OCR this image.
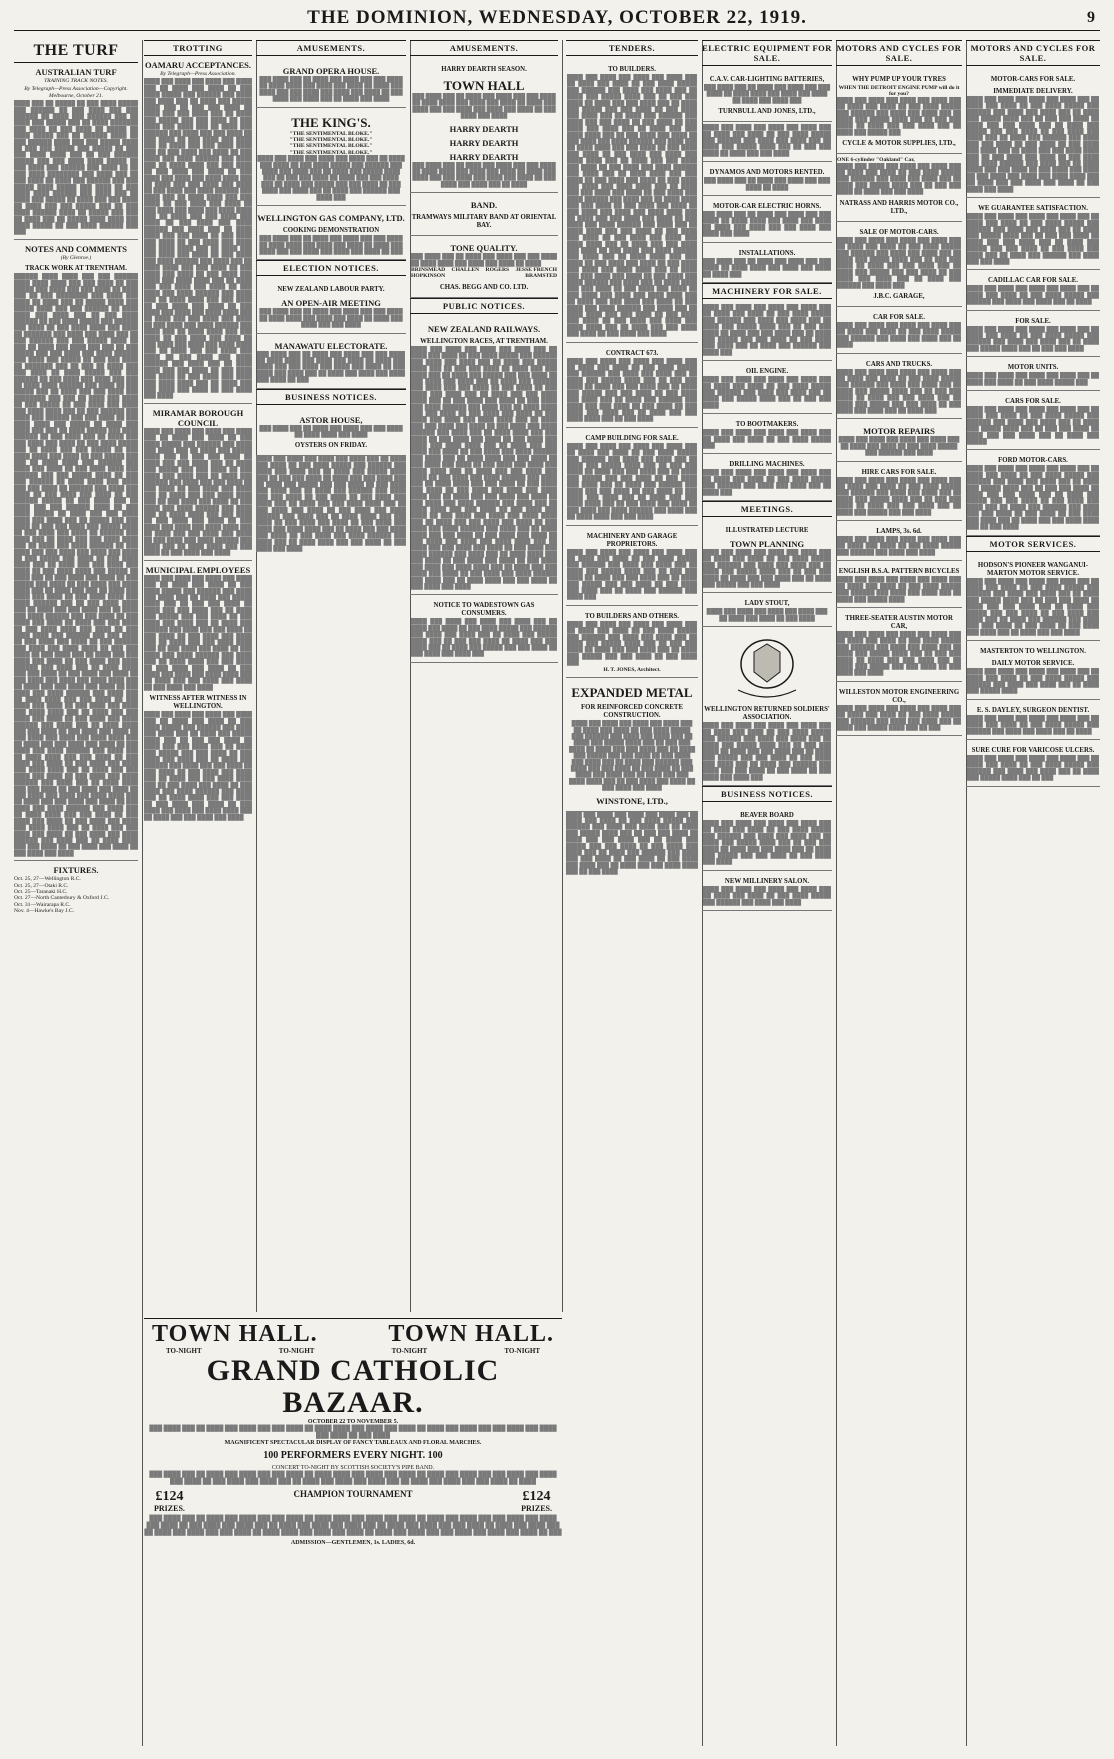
THE DOMINION, WEDNESDAY, OCTOBER 22, 1919.	9
THE TURF
AUSTRALIAN TURF
TRAINING TRACK NOTES.
By Telegraph—Press Association—Copyright. Melbourne, October 21.
████ ███ ██ █████ ██ ███ ████ █████ ███ ██████ ██ ███ ████ ███ ███ ██████ ██ ████ ███ ██████ ███ ██ ████ ███ █████ ███ ██ ████ ███████ ███ ████ ██ ███ ████ ██ █████ ██ ████ █████ ███ ██ ██████ ████ ██ ███ ██████ ████ ███ ███ █████ ████ ██ ███ ███ █████ ███ █████ ██ ███ ███ ████ ████ ███ ██ ███ ██████ █████ ███ ███ ████ ████ █████ ██ ███ ████ ███ ██████ ███ ████ ██ ██ ███ ████ ████████ ███ ████ ███ ██ ███ ████ ██ ████ ███ ██████ ███ ███ █████ ████ █████ ███ ████ ██ ███ ████ ████ ██████ ███ ████ ███ ██ ████ ███ █████ ██ ████ ███ ███ ████ ██ ████ ███ ███ █████ ███ ██ ███ ████ ██████ ████ ██ █████ ███ ███ ██ ████ ███ ██ █████ ████ ████ ███ ████ █████ ██ ███ ████ ██████ ███ ███
NOTES AND COMMENTS
(By Glenroe.)
TRACK WORK AT TRENTHAM.
██████ ████ ████ ███ ███ ██████ ████ ████ ████ ███ ███ ████ ██ ███ █████ ███ ████ ███ ███ ████ ██ ████ ███ ██ ███ ████████ ███ ████ ███ ████ ██ ████ ███ ██ █████ ████ ███ █████ ████ ███ ███ ██████ ██ ████ ████ ███ ████ ███ ██ ███ ████ ██████ ██ ███ ████ █████ ███ ██████ ███ ████ ██ ███ ████ ████ ███ ████ ██ ███████ ███ ████ ███ ████ ███ ██ ███ ██████ ███ ███ █████ ████ ██ ███ ██ ████ ███ ████ ███ ███ ██ ███ █████ ███ ███ ████ ███ ████ ██████ ███ ████ ███ █████ ██ ███ ███ ████ ██ ███████ ███ ██ ███ ██ ████ ███ ███ ████ ██ ████ █████ ███ ███ ██████ ██ ███ ████ ███ ████ ███ ███ ██ ████ ████ ██████ ███ ████ ██ ███ █████ ███ ██ ████ ███ ███ ████ ███ ████████ ███ ███ ██ ████ ███ ████ ██ ███ █████ ██ ███ ████ ███ ████ ███ ████ ████ ███ ██ ███ ██████ ███ ████ ███ ██████ ███ ███ ████ ██ ███ ████ ████ ███ █████ ██ ████ ███ ████ ███ ███ ██ ████ █████ ███ ████ ██████ ██ ███ ████ ███ ██ ████ ███ ███ ████ ███ ████ ██ ███ ████ █████ ███ ██ ████ ███ ███ █████ ██ ███ ████ ████ ███ ████ ██ ███ █████ ███ ███ ██ ████ ████ ███ ██████ ███ ████ ███ ████ ██ ███ ████ ████ ███ ██████ ███ ███ █████ ████ ██ ███ ███ ██████ ██ ████ ████ ███ ████ ███ ███ ████ ██ ██████ ███ ████ ███ ████ ██ ███ ████ ███ ████ ██ ███ ██████ █████ ██ ███ ████ ███ ██ ████ ███ ███ ██████ ████ ██ ███ ████ █████ ██ ████ ███ ███ ████ ████ ███ ████ ███ ██ █████ ███ ███ ████ ██ ███ ███ ████ ███ █████ ████ ██ ███ ████ ███ ████ ██ ██████ ███ ████ ███ ██ ████ ███ ███ ████ ████ ███ ██ ████ ███ ████ ██████ ██ ███ ████ ███ ███ ████ ███ ████ ███ ████ ██ ███ █████ ███ ████ ██ ███ ████ ████ ███ ██ ████ ███ ███ ████ ███ ████ ██ ███ ████ ████ ███ █████ ██ ████ ███ ██ ███ ████ ███ ████ ██ ███ █████ ███ ████ ██ ███ ████ ███ ████ ████ ███ ██ ████ ███ ███ ██ ████ ███ ████ ███ ████ ██ ███ ████ ████ ███ ████ ██████ ███ ██ ███ ████ ████ ███ ██ ████ ███ ███ ████ ███ ██ ████ ███ ████ ██████ ███ ███ ████ ██ ███ ████ ███ ████ ██ ████ ███ ███ ████ ██ ███ ████ ████ ███ ████ ██ ███ ████ ████ ███ ██████ ███ ███ ████ ██ ███ ████ ███ ████ ██ ███ ██████ ███ ████ ███ ████ ████ ██ ███ ███ ████ ██ ███ ████ ███ ██ ████ ███ ███ ████ ███ ████ ██ ███ ████ ███ ████ ██████ ███ ████ ███ ██ ████ ████ ███ ███ ████ ██ ███ ████ ███ ████ ██ ███ ████ ███ ████ ███ ████ ████ ███ ██ ████ ███ ███ ████ ███ ████ ██ ███ ████ ███ ████ ██████ ███ ████ ███ ██ ████ ████ ███ ███ ████ ██ ███ ████ ███ ████ ██ ███ ████ ███ ████ ███ ████ ████ ███ ██ ████ ███ ███ ████ ███ ████ ██ ███ ████ ███ ████ ██████ ███ ████ ███ ██ ████ ████ ███ ███ ████ ██ ███ ████ ███ ████ ██ ███ ████ ███ ████ ███ ████ ████ ███ ██ ████ ███ ███ ████ ███ ████ ██ ███ ████ ███ ████ ██████ ███ ████ ███ ██ ████ ████ ███ ███ ████ ██ ███ ████ ███ ████ ██ ███ ████ ███ ████ ███ ████ ████ ███ ██ ████ ███ ███ ████ ███ ████ ██ ███ ████ ███ ████ ██████ ███ ████ ███ ██ ████ ████ ███ ███ ████ ██ ███ ████ ███ ████ ██ ███ ████ ███ ████ ███ ████ ████ ███ ██ ████ ███ ███ ████ ███ ████ ██ ███ ████ ███ ████ ██████ ███ ████ ███ ██ ████ ████ ███ ███ ████ ██ ███ ████ ███ ████ ██ ███ ████ ███ ████ ███ ████ ████ ███ ██ ████ ███ ███ ████ ███ ████ ██ ███ ████ ███ ████ ██████ ███ ████ ███ ██ ████ ████ ███ ███ ████ ██ ███ ████ ███ ████ ██ ███ ████ ███ ████
FIXTURES.
Oct. 25, 27—Wellington R.C.
Oct. 25, 27—Otaki R.C.
Oct. 25—Taranaki H.C.
Oct. 27—North Canterbury & Oxford J.C.
Oct. 31—Wairarapa R.C.
Nov. 4—Hawke's Bay J.C.
TROTTING
OAMARU ACCEPTANCES.
By Telegraph—Press Association.
████ ███ ████ ███ ████ ███ ████ ███ ██ ████ ███ ████ ██ ███ ████ █████ ███ ██████ ███ ████ ███ ████ ███ ██ ████ ███ █████ ████ ███ ██ ███ ███ ████ ██ ████ ███ ███ ████ ███ ██ ████ ███ █████ ███ ███ ████ ██ ███ ████ ███ ████ ███ ██ ████ ███ ██████ ███ ████ ███ ███ ████ ██ ███ ████ ██ ███ ████ ███ ████ ███ ██ ████ ███ ███ ████ ████ ███ ██ ███ ████ ███ ████ ██ ███ ████ ███ ████ ██████ ███ ████ ███ ██ ████ ████ ███ ███ ████ ██ ███ ████ ███ ████ ██ ███ ████ ███ ████ ███ ████ ████ ███ ██ ████ ███ ███ ████ ███ ████ ██ ███ ████ ███ ████ ██████ ███ ████ ███ ██ ████ ████ ███ ███ ████ ██ ███ ████ ███ ████ ██ ███ ████ ███ ████ ███ ████ ████ ███ ██ ████ ███ ███ ████ ███ ████ ██ ███ ████ ███ ████ ██████ ███ ████ ███ ██ ████ ████ ███ ███ ████ ██ ███ ████ ███ ████ ██ ███ ████ ███ ████ ███ ████ ████ ███ ██ ████ ███ ███ ████ ███ ████ ██ ███ ████ ███ ████ ██████ ███ ████ ███ ██ ████ ████ ███ ███ ████ ██ ███ ████ ███ ████ ██ ███ ████ ███ ████ ███ ████ ████ ███ ██ ████ ███ ███ ████ ███ ████ ██ ███ ████ ███ ████ ██████ ███ ████ ███ ██ ████ ████ ███ ███ ████ ██ ███ ████ ███ ████ ██ ███ ████ ███ ████ ███ ████ ████ ███ ██ ████ ███ ███ ████ ███ ████ ██ ███ ████ ███ ████ ██████ ███ ████ ███ ██ ████ ████ ███ ███ ████ ██ ███ ████ ███ ████ ██ ███ ████ ███ ████ ███ ████ ████ ███ ██ ████ ███ ███ ████ ███ ████ ██ ███ ████ ███ ████ ██████ ███ ████ ███ ██ ████ ████ ███ ███ ████ ██ ███ ████ ███ ████ ██ ███ ████ ███ ████ ███ ████ ████ ███ ██ ████ ███ ███ ████ ███ ████ ██ ███ ████ ███ ████
MIRAMAR BOROUGH COUNCIL
████ ███ ████ ███ ████ ███ ████ ███ ██ ████ ███ ████ ██ ███ ████ █████ ███ ██████ ███ ████ ███ ████ ███ ██ ████ ███ █████ ████ ███ ██ ███ ███ ████ ██ ████ ███ ███ ████ ███ ██ ████ ███ █████ ███ ███ ████ ██ ███ ████ ███ ████ ███ ██ ████ ███ ██████ ███ ████ ███ ███ ████ ██ ███ ████ ██ ███ ████ ███ ████ ███ ██ ████ ███ ███ ████ ████ ███ ██ ███ ████ ███ ████ ██ ███ ████ ███ ████ ██████ ███ ████ ███ ██ ████ ████ ███ ███ ████ ██ ███ ████ ███ ████ ██ ███ ████ ███ ████ ███ ████ ████ ███ ██ ████ ███ ███ ████ ███ ████ ██ ███ ████ ███ ████ ██████ ███ ████ ███ ██ ████ ████ ███ ███ ████ ██ ███ ████ ███ ████
MUNICIPAL EMPLOYEES
████ ███ ████ ███ ████ ███ ████ ███ ██ ████ ███ ████ ██ ███ ████ █████ ███ ██████ ███ ████ ███ ████ ███ ██ ████ ███ █████ ████ ███ ██ ███ ███ ████ ██ ████ ███ ███ ████ ███ ██ ████ ███ █████ ███ ███ ████ ██ ███ ████ ███ ████ ███ ██ ████ ███ ██████ ███ ████ ███ ███ ████ ██ ███ ████ ██ ███ ████ ███ ████ ███ ██ ████ ███ ███ ████ ████ ███ ██ ███ ████ ███ ████ ██ ███ ████ ███ ████ ██████ ███ ████ ███ ██ ████ ████ ███ ███ ████ ██ ███ ████ ███ ████ ██ ███ ████ ███ ████ ███ ████ ████ ███ ██ ████ ███ ███ ████ ███ ████ ██ ███ ████ ███ ████
WITNESS AFTER WITNESS IN WELLINGTON.
████ ███ ████ ███ ████ ███ ████ ███ ██ ████ ███ ████ ██ ███ ████ █████ ███ ██████ ███ ████ ███ ████ ███ ██ ████ ███ █████ ████ ███ ██ ███ ███ ████ ██ ████ ███ ███ ████ ███ ██ ████ ███ █████ ███ ███ ████ ██ ███ ████ ███ ████ ███ ██ ████ ███ ██████ ███ ████ ███ ███ ████ ██ ███ ████ ██ ███ ████ ███ ████ ███ ██ ████ ███ ███ ████ ████ ███ ██ ███ ████ ███ ████ ██ ███ ████ ███ ████ ██████ ███ ████ ███ ██ ████ ████ ███ ███ ████ ██ ███ ████ ███ ████ ██ ███ ████ ███ ████ ███ ████ ████ ███ ██ ████ ███ ███ ████ ███ ████
AMUSEMENTS.
GRAND OPERA HOUSE.
███ ████ ███ ██ ████ ███ ████ ███ ███ ████ ██ ████ ████ ███ ████ ███ ████ ██ ████ ███ ████ ███ ███ ████ ███ ████ ███ ████ ██ ███ ████ ███ ████ ███ ██ ████ ███ ████
THE KING'S.
"THE SENTIMENTAL BLOKE."
"THE SENTIMENTAL BLOKE."
"THE SENTIMENTAL BLOKE."
"THE SENTIMENTAL BLOKE."
████ ███ ████ ███ ████ ███ ████ ███ ██ ████ ███ ████ ██ ███ ████ █████ ███ ██████ ███ ████ ███ ████ ███ ██ ████ ███ █████ ████ ███ ██ ███ ███ ████ ██ ████ ███ ███ ████ ███ ██ ████ ███ █████ ███ ███ ████ ██ ███ ████ ███ ████ ███ ██ ████ ███ ██████ ███ ████ ███
WELLINGTON GAS COMPANY, LTD.
COOKING DEMONSTRATION
███ ████ ███ ██ ████ ███ ████ ███ ███ ████ ██ ████ ████ ███ ████ ███ ████ ██ ████ ███ ████ ███ ███ ████ ███ ████ ███ ████ ██ ███
ELECTION NOTICES.
NEW ZEALAND LABOUR PARTY.
AN OPEN-AIR MEETING
███ ████ ███ ██ ████ ███ ████ ███ ███ ████ ██ ████ ████ ███ ████ ███ ████ ██ ████ ███ ████ ███ ███ ████
MANAWATU ELECTORATE.
███ ████ ███ ██ ████ ███ ████ ███ ███ ████ ██ ████ ████ ███ ████ ███ ████ ██ ████ ███ ████ ███ ███ ████ ███ ████ ███ ████ ██ ███ ████ ███ ████ ███ ██ ████ ███ ████ ███ ████ ███ ████ ██ ███
BUSINESS NOTICES.
ASTOR HOUSE,
███ ████ ███ ██ ████ ███ ████ ███ ███ ████ ██ ████ ████ ███ ████
OYSTERS ON FRIDAY.
████ ███ ████ ███ ████ ███ ████ ███ ██ ████ ███ ████ ██ ███ ████ █████ ███ ██████ ███ ████ ███ ████ ███ ██ ████ ███ █████ ████ ███ ██ ███ ███ ████ ██ ████ ███ ███ ████ ███ ██ ████ ███ █████ ███ ███ ████ ██ ███ ████ ███ ████ ███ ██ ████ ███ ██████ ███ ████ ███ ███ ████ ██ ███ ████ ██ ███ ████ ███ ████ ███ ██ ████ ███ ███ ████ ████ ███ ██ ███ ████ ███ ████ ██ ███ ████ ███ ████ ██████ ███ ████ ███ ██ ████ ████ ███ ███ ████ ██ ███ ████ ███ ████ ██ ███ ████ ███ ████ ███ ████ ████ ███ ██ ████ ███ ███ ████ ███ ████ ██ ███ ████ ███ ████ ██████ ███ ████ ███ ██ ████ ████ ███ ███ ████ ██ ███ ████ ███ ████
AMUSEMENTS.
HARRY DEARTH SEASON.
TOWN HALL
███ ████ ███ ██ ████ ███ ████ ███ ███ ████ ██ ████ ████ ███ ████ ███ ████ ██ ████ ███ ████ ███ ███ ████ ███ ████ ███ ████ ██ ███ ████ ███ ████
HARRY DEARTH
HARRY DEARTH
HARRY DEARTH
███ ████ ███ ██ ████ ███ ████ ███ ███ ████ ██ ████ ████ ███ ████ ███ ████ ██ ████ ███ ████ ███ ███ ████ ███ ████ ███ ████ ██ ███ ████ ███ ████ ███ ██ ████
BAND.
TRAMWAYS MILITARY BAND AT ORIENTAL BAY.
TONE QUALITY.
███ ████ ███ ██ ████ ███ ████ ███ ███ ████ ██ ████ ████ ███ ████ ███ ████ ██ ████
BRINSMEAD CHALLEN ROGERS JESSE FRENCH
HOPKINSON	BRAMSTED
CHAS. BEGG AND CO. LTD.
PUBLIC NOTICES.
NEW ZEALAND RAILWAYS.
WELLINGTON RACES, AT TRENTHAM.
████ ███ ████ ███ ████ ███ ████ ███ ██ ████ ███ ████ ██ ███ ████ █████ ███ ██████ ███ ████ ███ ████ ███ ██ ████ ███ █████ ████ ███ ██ ███ ███ ████ ██ ████ ███ ███ ████ ███ ██ ████ ███ █████ ███ ███ ████ ██ ███ ████ ███ ████ ███ ██ ████ ███ ██████ ███ ████ ███ ███ ████ ██ ███ ████ ██ ███ ████ ███ ████ ███ ██ ████ ███ ███ ████ ████ ███ ██ ███ ████ ███ ████ ██ ███ ████ ███ ████ ██████ ███ ████ ███ ██ ████ ████ ███ ███ ████ ██ ███ ████ ███ ████ ██ ███ ████ ███ ████ ███ ████ ████ ███ ██ ████ ███ ███ ████ ███ ████ ██ ███ ████ ███ ████ ██████ ███ ████ ███ ██ ████ ████ ███ ███ ████ ██ ███ ████ ███ ████ ██ ███ ████ ███ ████ ███ ████ ████ ███ ██ ████ ███ ███ ████ ███ ████ ██ ███ ████ ███ ████ ██████ ███ ████ ███ ██ ████ ████ ███ ███ ████ ██ ███ ████ ███ ████ ██ ███ ████ ███ ████ ███ ████ ████ ███ ██ ████ ███ ███ ████ ███ ████ ██ ███ ████ ███ ████ ██████ ███ ████ ███ ██ ████ ████ ███ ███ ████ ██ ███ ████ ███ ████ ██ ███ ████ ███ ████ ███ ████ ████ ███ ██ ████ ███ ███ ████ ███ ████ ██ ███ ████ ███ ████ ██████ ███ ████ ███ ██ ████ ████ ███ ███ ████ ██ ███ ████ ███ ████ ██ ███ ████ ███ ████ ███ ████ ████ ███ ██ ████ ███ ███ ████ ███ ████ ██ ███ ████ ███ ████ ██████ ███ ████ ███ ██ ████ ████ ███ ███ ████ ██ ███ ████ ███ ████ ██ ███ ████ ███ ████ ███ ████ ████ ███ ██ ████ ███ ███ ████ ███ ████ ██ ███ ████ ███ ████ ██████ ███ ████ ███ ██ ████ ████ ███ ███ ████ ██ ███ ████ ███ ████ ██ ███ ████ ███ ████ ███ ████ ████ ███ ██ ████ ███ ███ ████ ███ ████ ██ ███ ████ ███ ████ ██████ ███ ████ ███ ██ ████ ████ ███ ███ ████ ██ ███ ████ ███ ████
NOTICE TO WADESTOWN GAS CONSUMERS.
████ ███ ████ ███ ████ ███ ████ ███ ██ ████ ███ ████ ██ ███ ████ █████ ███ ██████ ███ ████ ███ ████ ███ ██ ████ ███ █████ ████ ███ ██ ███ ███ ████ ██ ████ ███ ███ ████ ███ ██ ████ ███ █████ ███ ███ ████ ██ ███ ████ ███ ████ ███
TOWN HALL.	TOWN HALL.
TO-NIGHT	TO-NIGHT	TO-NIGHT	TO-NIGHT
GRAND CATHOLIC BAZAAR.
OCTOBER 22 TO NOVEMBER 5.
███ ████ ███ ██ ████ ███ ████ ███ ███ ████ ██ ████ ████ ███ ████ ███ ████ ██ ████ ███ ████ ███ ███ ████ ███ ████ ███ ████ ██ ███ ████
MAGNIFICENT SPECTACULAR DISPLAY OF FANCY TABLEAUX AND FLORAL MARCHES.
100 PERFORMERS EVERY NIGHT. 100
CONCERT TO-NIGHT BY SCOTTISH SOCIETY'S PIPE BAND.
███ ████ ███ ██ ████ ███ ████ ███ ███ ████ ██ ████ ████ ███ ████ ███ ████ ██ ████ ███ ████ ███ ███ ████ ███ ████ ███ ████ ██ ███ ████ ███ ████ ███ ██ ████ ███ ████ ███ ████ ███ ██ ████ ███ ████ ███ ███ ████ ██ ████
£124
PRIZES.
CHAMPION TOURNAMENT	£124
PRIZES.
███ ████ ███ ██ ████ ███ ████ ███ ███ ████ ██ ████ ████ ███ ████ ███ ████ ██ ████ ███ ████ ███ ███ ████ ███ ████ ███ ████ ██ ███ ████ ███ ████ ███ ██ ████ ███ ████ ███ ████ ███ ██ ████ ███ ████ ███ ███ ████ ██ ████ ███ ████ ███ ██ ████ ███ ████ ███ ███ ████ ██ ████ ████ ███ ████ ███ ████ ██ ████ ███ ████ ███ ███ ████ ███ ████ ███ ████ ██ ███
ADMISSION—GENTLEMEN, 1s. LADIES, 6d.
TENDERS.
TO BUILDERS.
████ ███ ████ ███ ████ ███ ████ ███ ██ ████ ███ ████ ██ ███ ████ █████ ███ ██████ ███ ████ ███ ████ ███ ██ ████ ███ █████ ████ ███ ██ ███ ███ ████ ██ ████ ███ ███ ████ ███ ██ ████ ███ █████ ███ ███ ████ ██ ███ ████ ███ ████ ███ ██ ████ ███ ██████ ███ ████ ███ ███ ████ ██ ███ ████ ██ ███ ████ ███ ████ ███ ██ ████ ███ ███ ████ ████ ███ ██ ███ ████ ███ ████ ██ ███ ████ ███ ████ ██████ ███ ████ ███ ██ ████ ████ ███ ███ ████ ██ ███ ████ ███ ████ ██ ███ ████ ███ ████ ███ ████ ████ ███ ██ ████ ███ ███ ████ ███ ████ ██ ███ ████ ███ ████ ██████ ███ ████ ███ ██ ████ ████ ███ ███ ████ ██ ███ ████ ███ ████ ██ ███ ████ ███ ████ ███ ████ ████ ███ ██ ████ ███ ███ ████ ███ ████ ██ ███ ████ ███ ████ ██████ ███ ████ ███ ██ ████ ████ ███ ███ ████ ██ ███ ████ ███ ████ ██ ███ ████ ███ ████ ███ ████ ████ ███ ██ ████ ███ ███ ████ ███ ████ ██ ███ ████ ███ ████ ██████ ███ ████ ███ ██ ████ ████ ███ ███ ████ ██ ███ ████ ███ ████ ██ ███ ████ ███ ████ ███ ████ ████ ███ ██ ████ ███ ███ ████ ███ ████ ██ ███ ████ ███ ████ ██████ ███ ████ ███ ██ ████ ████ ███ ███ ████ ██ ███ ████ ███ ████ ██ ███ ████ ███ ████ ███ ████ ████ ███ ██ ████ ███ ███ ████ ███ ████ ██ ███ ████ ███ ████ ██████ ███ ████ ███ ██ ████ ████ ███ ███ ████ ██ ███ ████ ███ ████ ██ ███ ████ ███ ████ ███ ████ ████ ███ ██ ████ ███ ███ ████ ███ ████ ██ ███ ████ ███ ████ ██████ ███ ████ ███ ██ ████ ████ ███ ███ ████ ██ ███ ████ ███ ████ ██ ███ ████ ███ ████ ███ ████ ████ ███ ██ ████ ███ ███ ████ ███ ████ ██ ███ ████ ███ ████
CONTRACT 673.
████ ███ ████ ███ ████ ███ ████ ███ ██ ████ ███ ████ ██ ███ ████ █████ ███ ██████ ███ ████ ███ ████ ███ ██ ████ ███ █████ ████ ███ ██ ███ ███ ████ ██ ████ ███ ███ ████ ███ ██ ████ ███ █████ ███ ███ ████ ██ ███ ████ ███ ████ ███ ██ ████ ███ ██████ ███ ████ ███ ███ ████ ██ ███ ████ ██ ███ ████ ███ ████ ███ ██ ████ ███ ███ ████ ████ ███ ██ ███ ████
CAMP BUILDING FOR SALE.
████ ███ ████ ███ ████ ███ ████ ███ ██ ████ ███ ████ ██ ███ ████ █████ ███ ██████ ███ ████ ███ ████ ███ ██ ████ ███ █████ ████ ███ ██ ███ ███ ████ ██ ████ ███ ███ ████ ███ ██ ████ ███ █████ ███ ███ ████ ██ ███ ████ ███ ████ ███ ██ ████ ███ ██████ ███ ████ ███ ███ ████ ██ ███ ████ ██ ███ ████ ███ ████ ███ ██ ████ ███ ███ ████ ████ ███ ██ ███ ████ ███ ████ ██ ███ ████ ███ ████ ██████ ███ ████ ███ ██ ████ ████ ███ ███ ████
MACHINERY AND GARAGE PROPRIETORS.
████ ███ ████ ███ ████ ███ ████ ███ ██ ████ ███ ████ ██ ███ ████ █████ ███ ██████ ███ ████ ███ ████ ███ ██ ████ ███ █████ ████ ███ ██ ███ ███ ████ ██ ████ ███ ███ ████ ███ ██ ████ ███ █████ ███ ███ ████ ██ ███ ████ ███ ████ ███ ██ ████ ███ ██████ ███ ████ ███
TO BUILDERS AND OTHERS.
████ ███ ████ ███ ████ ███ ████ ███ ██ ████ ███ ████ ██ ███ ████ █████ ███ ██████ ███ ████ ███ ████ ███ ██ ████ ███ █████ ████ ███ ██ ███ ███ ████ ██ ████ ███ ███ ████ ███ ██ ████ ███ █████ ███ ███ ████ ██ ███ ████ ███
H. T. JONES, Architect.
EXPANDED METAL
FOR REINFORCED CONCRETE CONSTRUCTION.
████ ███ ████ ███ ████ ███ ████ ███ ██ ████ ███ ████ ██ ███ ████ █████ ███ ██████ ███ ████ ███ ████ ███ ██ ████ ███ █████ ████ ███ ██ ███ ███ ████ ██ ████ ███ ███ ████ ███ ██ ████ ███ █████ ███ ███ ████ ██ ███ ████ ███ ████ ███ ██ ████ ███ ██████ ███ ████ ███ ███ ████ ██ ███ ████ ██ ███ ████ ███ ████ ███ ██ ████ ███ ███ ████ ████ ███ ██ ███ ████ ███ ████ ██ ███ ████ ███ ████
WINSTONE, LTD.,
████ ███ ████ ███ ████ ███ ████ ███ ██ ████ ███ ████ ██ ███ ████ █████ ███ ██████ ███ ████ ███ ████ ███ ██ ████ ███ █████ ████ ███ ██ ███ ███ ████ ██ ████ ███ ███ ████ ███ ██ ████ ███ █████ ███ ███ ████ ██ ███ ████ ███ ████ ███ ██ ████ ███ ██████ ███ ████ ███ ███ ████ ██ ███ ████ ██ ███ ████ ███ ████ ███ ██ ████ ███ ███ ████ ████ ███ ██ ███ ████
ELECTRIC EQUIPMENT FOR SALE.
C.A.V. CAR-LIGHTING BATTERIES,
███ ████ ███ ██ ████ ███ ████ ███ ███ ████ ██ ████ ████ ███ ████ ███ ████ ██ ████ ███ ████ ███
TURNBULL AND JONES, LTD.,
████ ███ ████ ███ ████ ███ ████ ███ ██ ████ ███ ████ ██ ███ ████ █████ ███ ██████ ███ ████ ███ ████ ███ ██ ████ ███ █████ ████ ███ ██ ███ ███ ████ ██ ████ ███ ███ ████
DYNAMOS AND MOTORS RENTED.
███ ████ ███ ██ ████ ███ ████ ███ ███ ████ ██ ████
MOTOR-CAR ELECTRIC HORNS.
███ ████ ███ ██ ████ ███ ████ ███ ███ ████ ██ ████ ████ ███ ████ ███ ████ ██ ████ ███ ████ ███ ███ ████ ███ ████ ███ ████
INSTALLATIONS.
███ ████ ███ ██ ████ ███ ████ ███ ███ ████ ██ ████ ████ ███ ████ ███ ████ ██ ████ ███
MACHINERY FOR SALE.
████ ███ ████ ███ ████ ███ ████ ███ ██ ████ ███ ████ ██ ███ ████ █████ ███ ██████ ███ ████ ███ ████ ███ ██ ████ ███ █████ ████ ███ ██ ███ ███ ████ ██ ████ ███ ███ ████ ███ ██ ████ ███ █████ ███ ███ ████ ██ ███ ████ ███ ████ ███ ██ ████ ███ ██████ ███ ████ ███
OIL ENGINE.
████ ███ ████ ███ ████ ███ ████ ███ ██ ████ ███ ████ ██ ███ ████ █████ ███ ██████ ███ ████ ███ ████ ███ ██ ████ ███ █████ ████ ███ ██ ███ ███ ████
TO BOOTMAKERS.
████ ███ ████ ███ ████ ███ ████ ███ ██ ████ ███ ████ ██ ███ ████ █████ ███
DRILLING MACHINES.
████ ███ ████ ███ ████ ███ ████ ███ ██ ████ ███ ████ ██ ███ ████ █████ ███ ██████ ███ ████ ███ ████ ███ ██ ████ ███
MEETINGS.
ILLUSTRATED LECTURE
TOWN PLANNING
████ ███ ████ ███ ████ ███ ████ ███ ██ ████ ███ ████ ██ ███ ████ █████ ███ ██████ ███ ████ ███ ████ ███ ██ ████ ███ █████ ████ ███ ██ ███ ███ ████ ██ ████ ███ ███ ████ ███ ██ ████ ███ █████ ███ ███ ████
LADY STOUT,
████ ███ ████ ███ ████ ███ ████ ███ ██ ████ ███ ████ ██ ███ ████
WELLINGTON RETURNED SOLDIERS' ASSOCIATION.
████ ███ ████ ███ ████ ███ ████ ███ ██ ████ ███ ████ ██ ███ ████ █████ ███ ██████ ███ ████ ███ ████ ███ ██ ████ ███ █████ ████ ███ ██ ███ ███ ████ ██ ████ ███ ███ ████ ███ ██ ████ ███ █████ ███ ███ ████ ██ ███ ████ ███ ████ ███ ██ ████ ███ ██████ ███ ████ ███ ███ ████ ██ ███ ████ ██ ███ ████ ███ ████ ███
BUSINESS NOTICES.
BEAVER BOARD
████ ███ ████ ███ ████ ███ ████ ███ ██ ████ ███ ████ ██ ███ ████ █████ ███ ██████ ███ ████ ███ ████ ███ ██ ████ ███ █████ ████ ███ ██ ███ ███ ████ ██ ████ ███ ███ ████ ███ ██ ████ ███ █████ ███ ███ ████ ██ ███ ████ ███ ████
NEW MILLINERY SALON.
████ ███ ████ ███ ████ ███ ████ ███ ██ ████ ███ ████ ██ ███ ████ █████ ███ ██████ ███ ████ ███ ████
MOTORS AND CYCLES FOR SALE.
WHY PUMP UP YOUR TYRES
WHEN THE DETROIT ENGINE PUMP will do it for you?
████ ███ ████ ███ ████ ███ ████ ███ ██ ████ ███ ████ ██ ███ ████ █████ ███ ██████ ███ ████ ███ ████ ███ ██ ████ ███ █████ ████ ███ ██ ███ ███ ████ ██ ████ ███ ███ ████ ███ ██ ████ ███ █████ ███
CYCLE & MOTOR SUPPLIES, LTD.,
ONE 6-cylinder "Oakland" Car,
████ ███ ████ ███ ████ ███ ████ ███ ██ ████ ███ ████ ██ ███ ████ █████ ███ ██████ ███ ████ ███ ████ ███ ██ ████ ███ █████ ████ ███ ██ ███ ███ ████ ██ ████ ███ ███ ████
NATRASS AND HARRIS MOTOR CO., LTD.,
SALE OF MOTOR-CARS.
████ ███ ████ ███ ████ ███ ████ ███ ██ ████ ███ ████ ██ ███ ████ █████ ███ ██████ ███ ████ ███ ████ ███ ██ ████ ███ █████ ████ ███ ██ ███ ███ ████ ██ ████ ███ ███ ████ ███ ██ ████ ███ █████ ███ ███ ████ ██ ███ ████ ███ ████ ███ ██ ████ ███ ██████ ███ ████ ███
J.B.C. GARAGE,
CAR FOR SALE.
████ ███ ████ ███ ████ ███ ████ ███ ██ ████ ███ ████ ██ ███ ████ █████ ███ ██████ ███ ████ ███ ████ ███ ██ ████
CARS AND TRUCKS.
████ ███ ████ ███ ████ ███ ████ ███ ██ ████ ███ ████ ██ ███ ████ █████ ███ ██████ ███ ████ ███ ████ ███ ██ ████ ███ █████ ████ ███ ██ ███ ███ ████ ██ ████ ███ ███ ████ ███ ██ ████ ███ █████ ███ ███ ████ ██ ███ ████ ███ ████ ███ ██ ████ ███
MOTOR REPAIRS
████ ███ ████ ███ ████ ███ ████ ███ ██ ████ ███ ████ ██ ███ ████ █████ ███ ██████ ███ ████
HIRE CARS FOR SALE.
████ ███ ████ ███ ████ ███ ████ ███ ██ ████ ███ ████ ██ ███ ████ █████ ███ ██████ ███ ████ ███ ████ ███ ██ ████ ███ █████ ████ ███ ██ ███ ███ ████ ██ ████ ███ ███ ████ ███ ██ ████ ███ █████ ███ ███ ████
LAMPS, 3s. 6d.
████ ███ ████ ███ ████ ███ ████ ███ ██ ████ ███ ████ ██ ███ ████ █████ ███ ██████ ███ ████ ███ ████
ENGLISH B.S.A. PATTERN BICYCLES
████ ███ ████ ███ ████ ███ ████ ███ ██ ████ ███ ████ ██ ███ ████ █████ ███ ██████ ███ ████ ███ ████ ███ ██ ████ ███ █████ ████
THREE-SEATER AUSTIN MOTOR CAR,
████ ███ ████ ███ ████ ███ ████ ███ ██ ████ ███ ████ ██ ███ ████ █████ ███ ██████ ███ ████ ███ ████ ███ ██ ████ ███ █████ ████ ███ ██ ███ ███ ████ ██ ████ ███ ███ ████ ███ ██ ████ ███ █████ ███ ███ ████ ██ ███ ████ ███ ████
WILLESTON MOTOR ENGINEERING CO.,
████ ███ ████ ███ ████ ███ ████ ███ ██ ████ ███ ████ ██ ███ ████ █████ ███ ██████ ███ ████ ███ ████ ███ ██ ████ ███ █████ ████ ███ ██ ███
MOTORS AND CYCLES FOR SALE.
MOTOR-CARS FOR SALE.
IMMEDIATE DELIVERY.
████ ███ ████ ███ ████ ███ ████ ███ ██ ████ ███ ████ ██ ███ ████ █████ ███ ██████ ███ ████ ███ ████ ███ ██ ████ ███ █████ ████ ███ ██ ███ ███ ████ ██ ████ ███ ███ ████ ███ ██ ████ ███ █████ ███ ███ ████ ██ ███ ████ ███ ████ ███ ██ ████ ███ ██████ ███ ████ ███ ███ ████ ██ ███ ████ ██ ███ ████ ███ ████ ███ ██ ████ ███ ███ ████ ████ ███ ██ ███ ████ ███ ████ ██ ███ ████ ███ ████ ██████ ███ ████ ███ ██ ████ ████ ███ ███ ████ ██ ███ ████ ███ ████ ██ ███ ████ ███ ████ ███ ████ ████ ███ ██ ████ ███ ███ ████ ███ ████ ██ ███ ████ ███ ████
WE GUARANTEE SATISFACTION.
████ ███ ████ ███ ████ ███ ████ ███ ██ ████ ███ ████ ██ ███ ████ █████ ███ ██████ ███ ████ ███ ████ ███ ██ ████ ███ █████ ████ ███ ██ ███ ███ ████ ██ ████ ███ ███ ████ ███ ██ ████ ███ █████ ███ ███ ████ ██ ███ ████ ███ ████ ███ ██ ████ ███ ██████ ███ ████ ███ ███ ████
CADILLAC CAR FOR SALE.
████ ███ ████ ███ ████ ███ ████ ███ ██ ████ ███ ████ ██ ███ ████ █████ ███ ██████ ███ ████ ███ ████ ███ ██ ████
FOR SALE.
████ ███ ████ ███ ████ ███ ████ ███ ██ ████ ███ ████ ██ ███ ████ █████ ███ ██████ ███ ████ ███ ████ ███ ██ ████ ███ █████ ████ ███ ██ ███ ███ ████
MOTOR UNITS.
████ ███ ████ ███ ████ ███ ████ ███ ██ ████ ███ ████ ██ ███ ████ █████ ███
CARS FOR SALE.
████ ███ ████ ███ ████ ███ ████ ███ ██ ████ ███ ████ ██ ███ ████ █████ ███ ██████ ███ ████ ███ ████ ███ ██ ████ ███ █████ ████ ███ ██ ███ ███ ████ ██ ████ ███ ███ ████ ███ ██ ████ ███ █████
FORD MOTOR-CARS.
████ ███ ████ ███ ████ ███ ████ ███ ██ ████ ███ ████ ██ ███ ████ █████ ███ ██████ ███ ████ ███ ████ ███ ██ ████ ███ █████ ████ ███ ██ ███ ███ ████ ██ ████ ███ ███ ████ ███ ██ ████ ███ █████ ███ ███ ████ ██ ███ ████ ███ ████ ███ ██ ████ ███ ██████ ███ ████ ███ ███ ████ ██ ███ ████ ██ ███ ████ ███ ████ ███ ██ ████ ███ ███ ████ ████ ███ ██ ███ ████
MOTOR SERVICES.
HODSON'S PIONEER WANGANUI-MARTON MOTOR SERVICE.
████ ███ ████ ███ ████ ███ ████ ███ ██ ████ ███ ████ ██ ███ ████ █████ ███ ██████ ███ ████ ███ ████ ███ ██ ████ ███ █████ ████ ███ ██ ███ ███ ████ ██ ████ ███ ███ ████ ███ ██ ████ ███ █████ ███ ███ ████ ██ ███ ████ ███ ████ ███ ██ ████ ███ ██████ ███ ████ ███ ███ ████ ██ ███ ████ ██ ███ ████ ███ ████ ███ ██ ████ ███ ███ ████
MASTERTON TO WELLINGTON.
DAILY MOTOR SERVICE.
████ ███ ████ ███ ████ ███ ████ ███ ██ ████ ███ ████ ██ ███ ████ █████ ███ ██████ ███ ████ ███ ████ ███ ██ ████ ███ █████ ████
E. S. DAYLEY, SURGEON DENTIST.
████ ███ ████ ███ ████ ███ ████ ███ ██ ████ ███ ████ ██ ███ ████ █████ ███ ██████ ███ ████ ███ ████ ███ ██ ████
SURE CURE FOR VARICOSE ULCERS.
████ ███ ████ ███ ████ ███ ████ ███ ██ ████ ███ ████ ██ ███ ████ █████ ███ ██████ ███ ████ ███ ████ ███ ██ ████ ███ █████ ████ ███ ██ ███
